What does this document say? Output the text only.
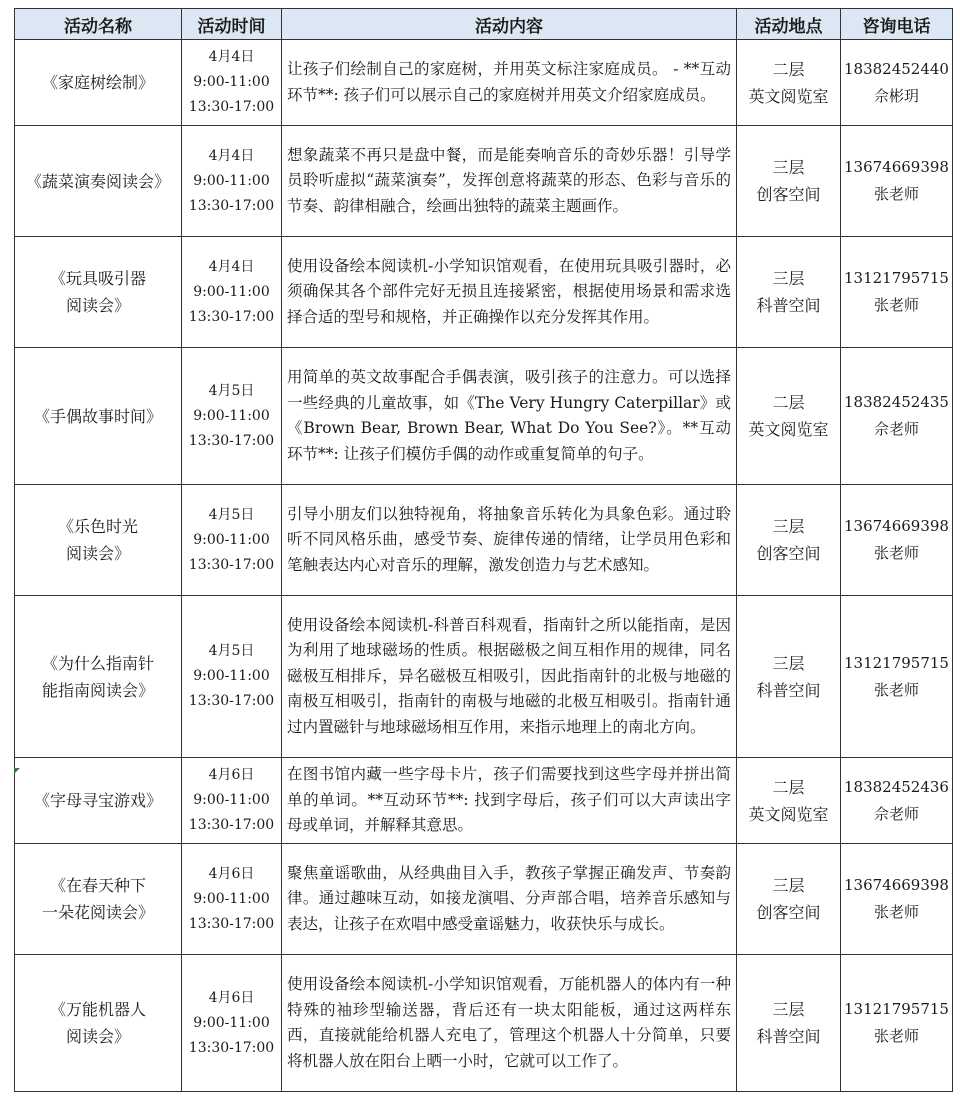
活动名称	活动时间	活动内容	活动地点	咨询电话

《家庭树绘制》	4月4日
9:00-11:00
13:30-17:00	让孩子们绘制自己的家庭树，并用英文标注家庭成员。 - **互动环节**: 孩子们可以展示自己的家庭树并用英文介绍家庭成员。	二层
英文阅览室	18382452440
佘彬玥

《蔬菜演奏阅读会》	4月4日
9:00-11:00
13:30-17:00	想象蔬菜不再只是盘中餐，而是能奏响音乐的奇妙乐器！引导学员聆听虚拟“蔬菜演奏”，发挥创意将蔬菜的形态、色彩与音乐的节奏、韵律相融合，绘画出独特的蔬菜主题画作。	三层
创客空间	13674669398
张老师

《玩具吸引器
阅读会》	4月4日
9:00-11:00
13:30-17:00	使用设备绘本阅读机-小学知识馆观看，在使用玩具吸引器时，必须确保其各个部件完好无损且连接紧密，根据使用场景和需求选择合适的型号和规格，并正确操作以充分发挥其作用。	三层
科普空间	13121795715
张老师

《手偶故事时间》	4月5日
9:00-11:00
13:30-17:00	用简单的英文故事配合手偶表演，吸引孩子的注意力。可以选择一些经典的儿童故事，如《The Very Hungry Caterpillar》或《Brown Bear, Brown Bear, What Do You See?》。**互动环节**: 让孩子们模仿手偶的动作或重复简单的句子。	二层
英文阅览室	18382452435
佘老师

《乐色时光
阅读会》	4月5日
9:00-11:00
13:30-17:00	引导小朋友们以独特视角，将抽象音乐转化为具象色彩。通过聆听不同风格乐曲，感受节奏、旋律传递的情绪，让学员用色彩和笔触表达内心对音乐的理解，激发创造力与艺术感知。	三层
创客空间	13674669398
张老师

《为什么指南针
能指南阅读会》	4月5日
9:00-11:00
13:30-17:00	使用设备绘本阅读机-科普百科观看，指南针之所以能指南，是因为利用了地球磁场的性质。根据磁极之间互相作用的规律，同名磁极互相排斥，异名磁极互相吸引，因此指南针的北极与地磁的南极互相吸引，指南针的南极与地磁的北极互相吸引。指南针通过内置磁针与地球磁场相互作用，来指示地理上的南北方向。	三层
科普空间	13121795715
张老师

《字母寻宝游戏》	4月6日
9:00-11:00
13:30-17:00	在图书馆内藏一些字母卡片，孩子们需要找到这些字母并拼出简单的单词。**互动环节**: 找到字母后，孩子们可以大声读出字母或单词，并解释其意思。	二层
英文阅览室	18382452436
佘老师

《在春天种下
一朵花阅读会》	4月6日
9:00-11:00
13:30-17:00	聚焦童谣歌曲，从经典曲目入手，教孩子掌握正确发声、节奏韵律。通过趣味互动，如接龙演唱、分声部合唱，培养音乐感知与表达，让孩子在欢唱中感受童谣魅力，收获快乐与成长。	三层
创客空间	13674669398
张老师

《万能机器人
阅读会》	4月6日
9:00-11:00
13:30-17:00	使用设备绘本阅读机-小学知识馆观看，万能机器人的体内有一种特殊的袖珍型输送器，背后还有一块太阳能板，通过这两样东西，直接就能给机器人充电了，管理这个机器人十分简单，只要将机器人放在阳台上晒一小时，它就可以工作了。	三层
科普空间	13121795715
张老师
